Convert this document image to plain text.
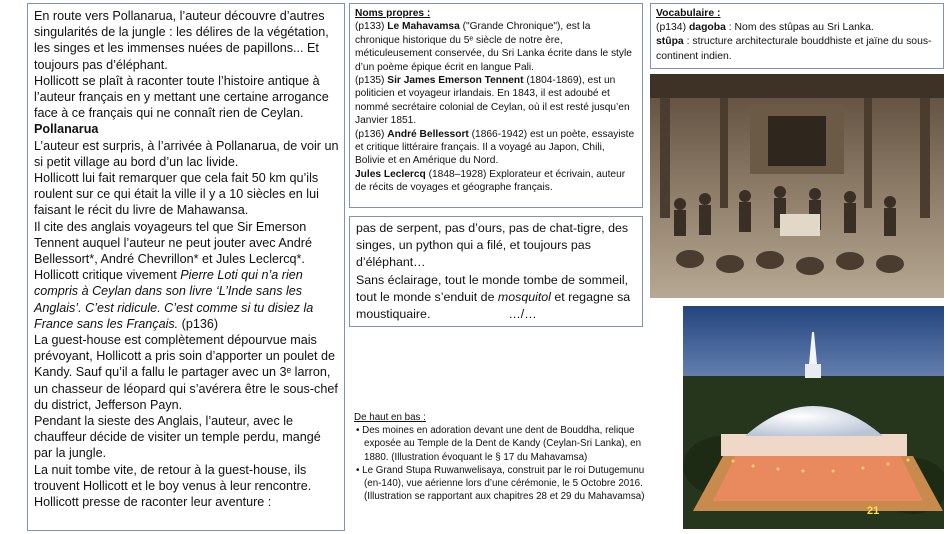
En route vers Pollanarua, l’auteur découvre d’autres singularités de la jungle : les délires de la végétation, les singes et les immenses nuées de papillons... Et toujours pas d’éléphant.

Hollicott se plaît à raconter toute l’histoire antique à l’auteur français en y mettant une certaine arrogance face à ce français qui ne connaît rien de Ceylan.

Pollanarua

L’auteur est surpris, à l’arrivée à Pollanarua, de voir un si petit village au bord d’un lac livide.

Hollicott lui fait remarquer que cela fait 50 km qu’ils roulent sur ce qui était la ville il y a 10 siècles en lui faisant le récit du livre de Mahawansa.

Il cite des anglais voyageurs tel que Sir Emerson Tennent auquel l’auteur ne peut jouter avec André Bellessort*, André Chevrillon* et Jules Leclercq*.

Hollicott critique vivement Pierre Loti qui n’a rien compris à Ceylan dans son livre ‘L’Inde sans les Anglais’. C’est ridicule. C’est comme si tu disiez la France sans les Français. (p136)

La guest-house est complètement dépourvue mais prévoyant, Hollicott a pris soin d’apporter un poulet de Kandy. Sauf qu’il a fallu le partager avec un 3ᵉ larron, un chasseur de léopard qui s’avérera être le sous-chef du district, Jefferson Payn.

Pendant la sieste des Anglais, l’auteur, avec le chauffeur décide de visiter un temple perdu, mangé par la jungle.

La nuit tombe vite, de retour à la guest-house, ils trouvent Hollicott et le boy venus à leur rencontre.

Hollicott presse de raconter leur aventure :

Noms propres :

(p133) Le Mahavamsa ("Grande Chronique"), est la chronique historique du 5ᵉ siècle de notre ère, méticuleusement conservée, du Sri Lanka écrite dans le style d’un poème épique écrit en langue Pali.

(p135) Sir James Emerson Tennent (1804-1869), est un politicien et voyageur irlandais. En 1843, il est adoubé et nommé secrétaire colonial de Ceylan, où il est resté jusqu’en Janvier 1851.

(p136) André Bellessort (1866-1942) est un poète, essayiste et critique littéraire français. Il a voyagé au Japon, Chili, Bolivie et en Amérique du Nord.

Jules Leclercq (1848–1928) Explorateur et écrivain, auteur de récits de voyages et géographe français.

pas de serpent, pas d’ours, pas de chat-tigre, des singes, un python qui a filé, et toujours pas d’éléphant…

Sans éclairage, tout le monde tombe de sommeil, tout le monde s’enduit de mosquitol et regagne sa moustiquaire.	…/…

Vocabulaire :

(p134) dagoba : Nom des stûpas au Sri Lanka.

stûpa : structure architecturale bouddhiste et jaïne du sous-continent indien.

De haut en bas :

• Des moines en adoration devant une dent de Bouddha, relique exposée au Temple de la Dent de Kandy (Ceylan-Sri Lanka), en 1880. (Illustration évoquant le § 17 du Mahavamsa)

• Le Grand Stupa Ruwanwelisaya, construit par le roi Dutugemunu (en-140), vue aérienne lors d’une cérémonie, le 5 Octobre 2016. (Illustration se rapportant aux chapitres 28 et 29 du Mahavamsa)

21
